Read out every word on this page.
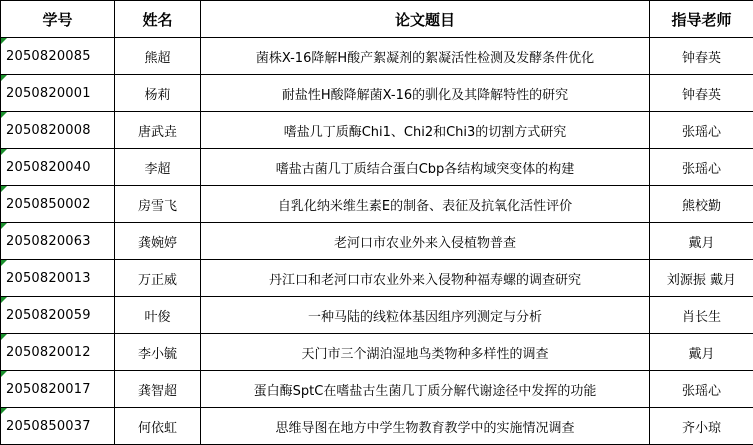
学号	姓名	论文题目	指导老师

2050820085	熊超	菌株X-16降解H酸产絮凝剂的絮凝活性检测及发酵条件优化	钟春英

2050820001	杨莉	耐盐性H酸降解菌X-16的驯化及其降解特性的研究	钟春英

2050820008	唐武垚	嗜盐几丁质酶Chi1、Chi2和Chi3的切割方式研究	张瑶心

2050820040	李超	嗜盐古菌几丁质结合蛋白Cbp各结构域突变体的构建	张瑶心

2050850002	房雪飞	自乳化纳米维生素E的制备、表征及抗氧化活性评价	熊校勤

2050820063	龚婉婷	老河口市农业外来入侵植物普查	戴月

2050820013	万正威	丹江口和老河口市农业外来入侵物种福寿螺的调查研究	刘源振 戴月

2050820059	叶俊	一种马陆的线粒体基因组序列测定与分析	肖长生

2050820012	李小毓	天门市三个湖泊湿地鸟类物种多样性的调查	戴月

2050820017	龚智超	蛋白酶SptC在嗜盐古生菌几丁质分解代谢途径中发挥的功能	张瑶心

2050850037	何依虹	思维导图在地方中学生物教育教学中的实施情况调查	齐小琼
